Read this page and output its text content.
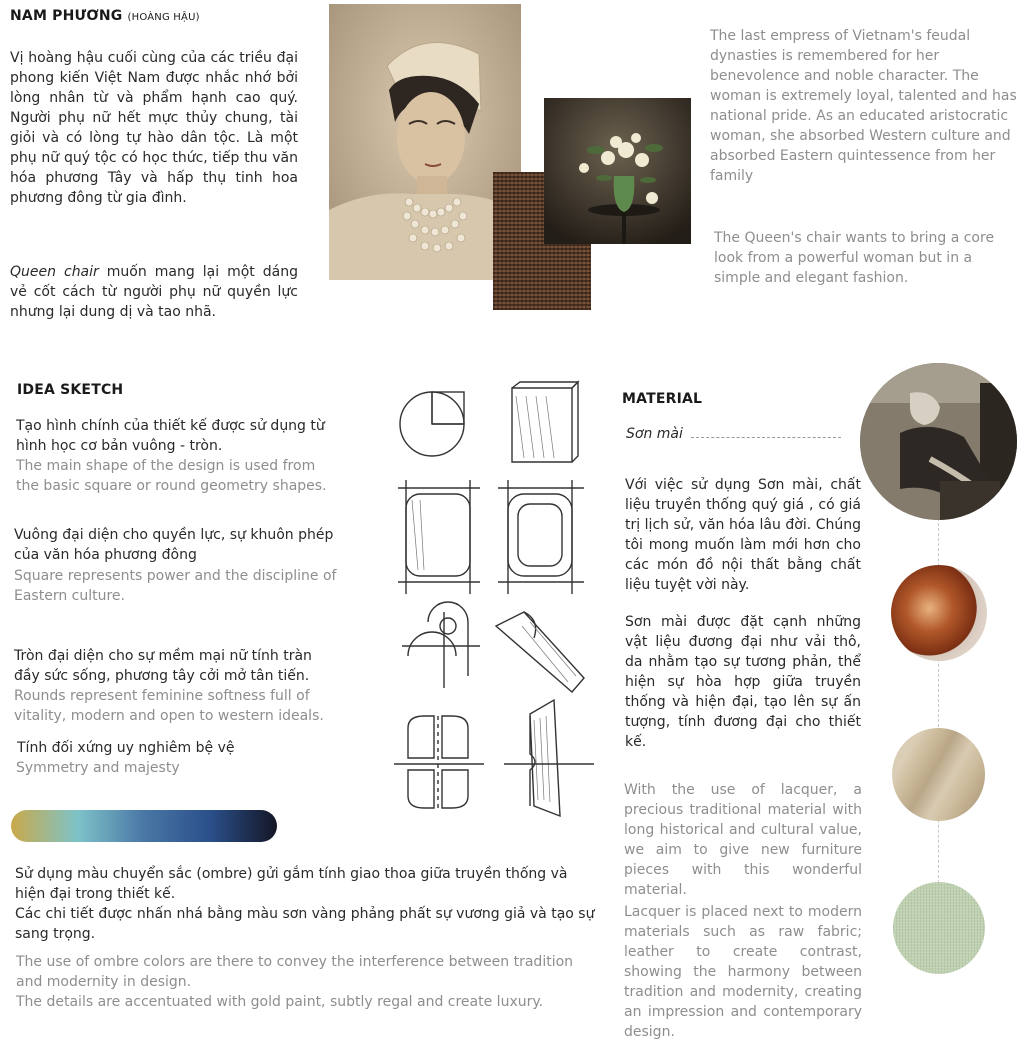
NAM PHƯƠNG (HOÀNG HẬU)
Vị hoàng hậu cuối cùng của các triều đại phong kiến Việt Nam được nhắc nhớ bởi lòng nhân từ và phẩm hạnh cao quý. Người phụ nữ hết mực thủy chung, tài giỏi và có lòng tự hào dân tộc. Là một phụ nữ quý tộc có học thức, tiếp thu văn hóa phương Tây và hấp thụ tinh hoa phương đông từ gia đình.
Queen chair muốn mang lại một dáng vẻ cốt cách từ người phụ nữ quyền lực nhưng lại dung dị và tao nhã.
The last empress of Vietnam's feudal dynasties is remembered for her benevolence and noble character. The woman is extremely loyal, talented and has national pride. As an educated aristocratic woman, she absorbed Western culture and absorbed Eastern quintessence from her family
The Queen's chair wants to bring a core look from a powerful woman but in a simple and elegant fashion.
IDEA SKETCH
Tạo hình chính của thiết kế được sử dụng từ hình học cơ bản vuông - tròn.
The main shape of the design is used from the basic square or round geometry shapes.
Vuông đại diện cho quyền lực, sự khuôn phép của văn hóa phương đông
Square represents power and the discipline of Eastern culture.
Tròn đại diện cho sự mềm mại nữ tính tràn đầy sức sống, phương tây cởi mở tân tiến.
Rounds represent feminine softness full of vitality, modern and open to western ideals.
Tính đối xứng uy nghiêm bệ vệ
Symmetry and majesty
Sử dụng màu chuyển sắc (ombre) gửi gắm tính giao thoa giữa truyền thống và hiện đại trong thiết kế.
Các chi tiết được nhấn nhá bằng màu sơn vàng phảng phất sự vương giả và tạo sự sang trọng.
The use of ombre colors are there to convey the interference between tradition and modernity in design.
The details are accentuated with gold paint, subtly regal and create luxury.
MATERIAL
Sơn mài
Với việc sử dụng Sơn mài, chất liệu truyền thống quý giá , có giá trị lịch sử, văn hóa lâu đời. Chúng tôi mong muốn làm mới hơn cho các món đồ nội thất bằng chất liệu tuyệt vời này.
Sơn mài được đặt cạnh những vật liệu đương đại như vải thô, da nhằm tạo sự tương phản, thể hiện sự hòa hợp giữa truyền thống và hiện đại, tạo lên sự ấn tượng, tính đương đại cho thiết kế.
With the use of lacquer, a precious traditional material with long historical and cultural value, we aim to give new furniture pieces with this wonderful material.
Lacquer is placed next to modern materials such as raw fabric; leather to create contrast, showing the harmony between tradition and modernity, creating an impression and contemporary design.
